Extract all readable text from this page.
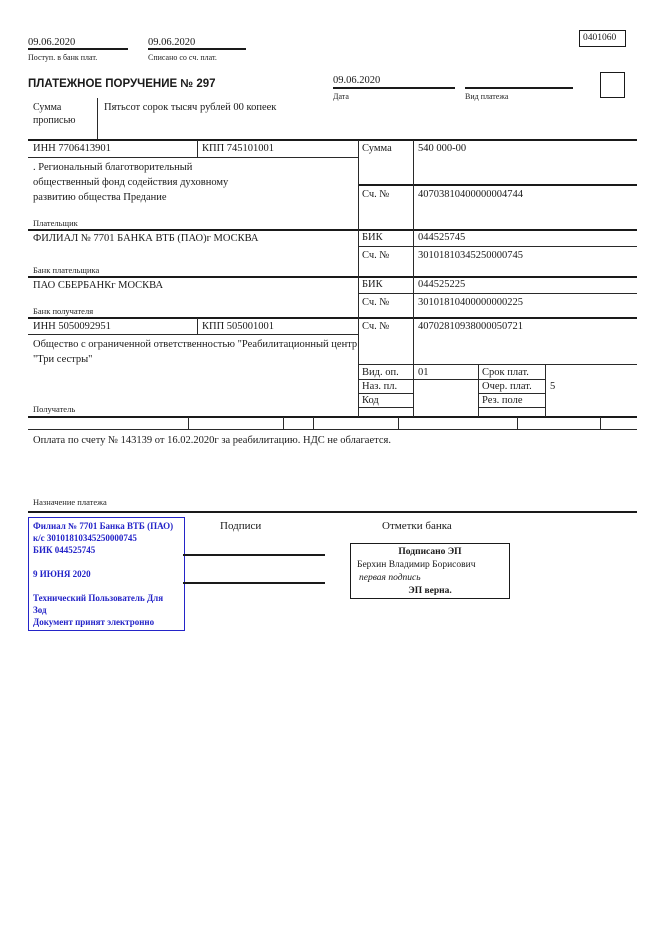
09.06.2020
Поступ. в банк плат.
09.06.2020
Списано со сч. плат.
0401060
ПЛАТЕЖНОЕ ПОРУЧЕНИЕ № 297	09.06.2020
Дата	Вид платежа
Сумма
прописью
Пятьсот сорок тысяч рублей 00 копеек
ИНН 7706413901	КПП 745101001
. Региональный благотворительный
общественный фонд содействия духовному
развитию общества Предание
Плательщик
Сумма	540 000-00
Сч. №	40703810400000004744
ФИЛИАЛ № 7701 БАНКА ВТБ (ПАО)г МОСКВА
Банк плательщика
БИК	044525745
Сч. №	30101810345250000745
ПАО СБЕРБАНКг МОСКВА
Банк получателя
БИК	044525225
Сч. №	30101810400000000225
ИНН 5050092951	КПП 505001001	Сч. №	40702810938000050721
Общество с ограниченной ответственностью "Реабилитационный центр "Три сестры"
Получатель
Вид. оп. 01	Срок плат.
Наз. пл.	Очер. плат. 5
Код	Рез. поле
Оплата по счету № 143139 от 16.02.2020г за реабилитацию. НДС не облагается.
Назначение платежа
Филиал № 7701 Банка ВТБ (ПАО)
к/с 30101810345250000745
БИК 044525745
9 ИЮНЯ 2020
Технический Пользователь Для
Зод
Документ принят электронно
Подписи	Отметки банка
Подписано ЭП
Берхин Владимир Борисович
первая подпись
ЭП верна.
